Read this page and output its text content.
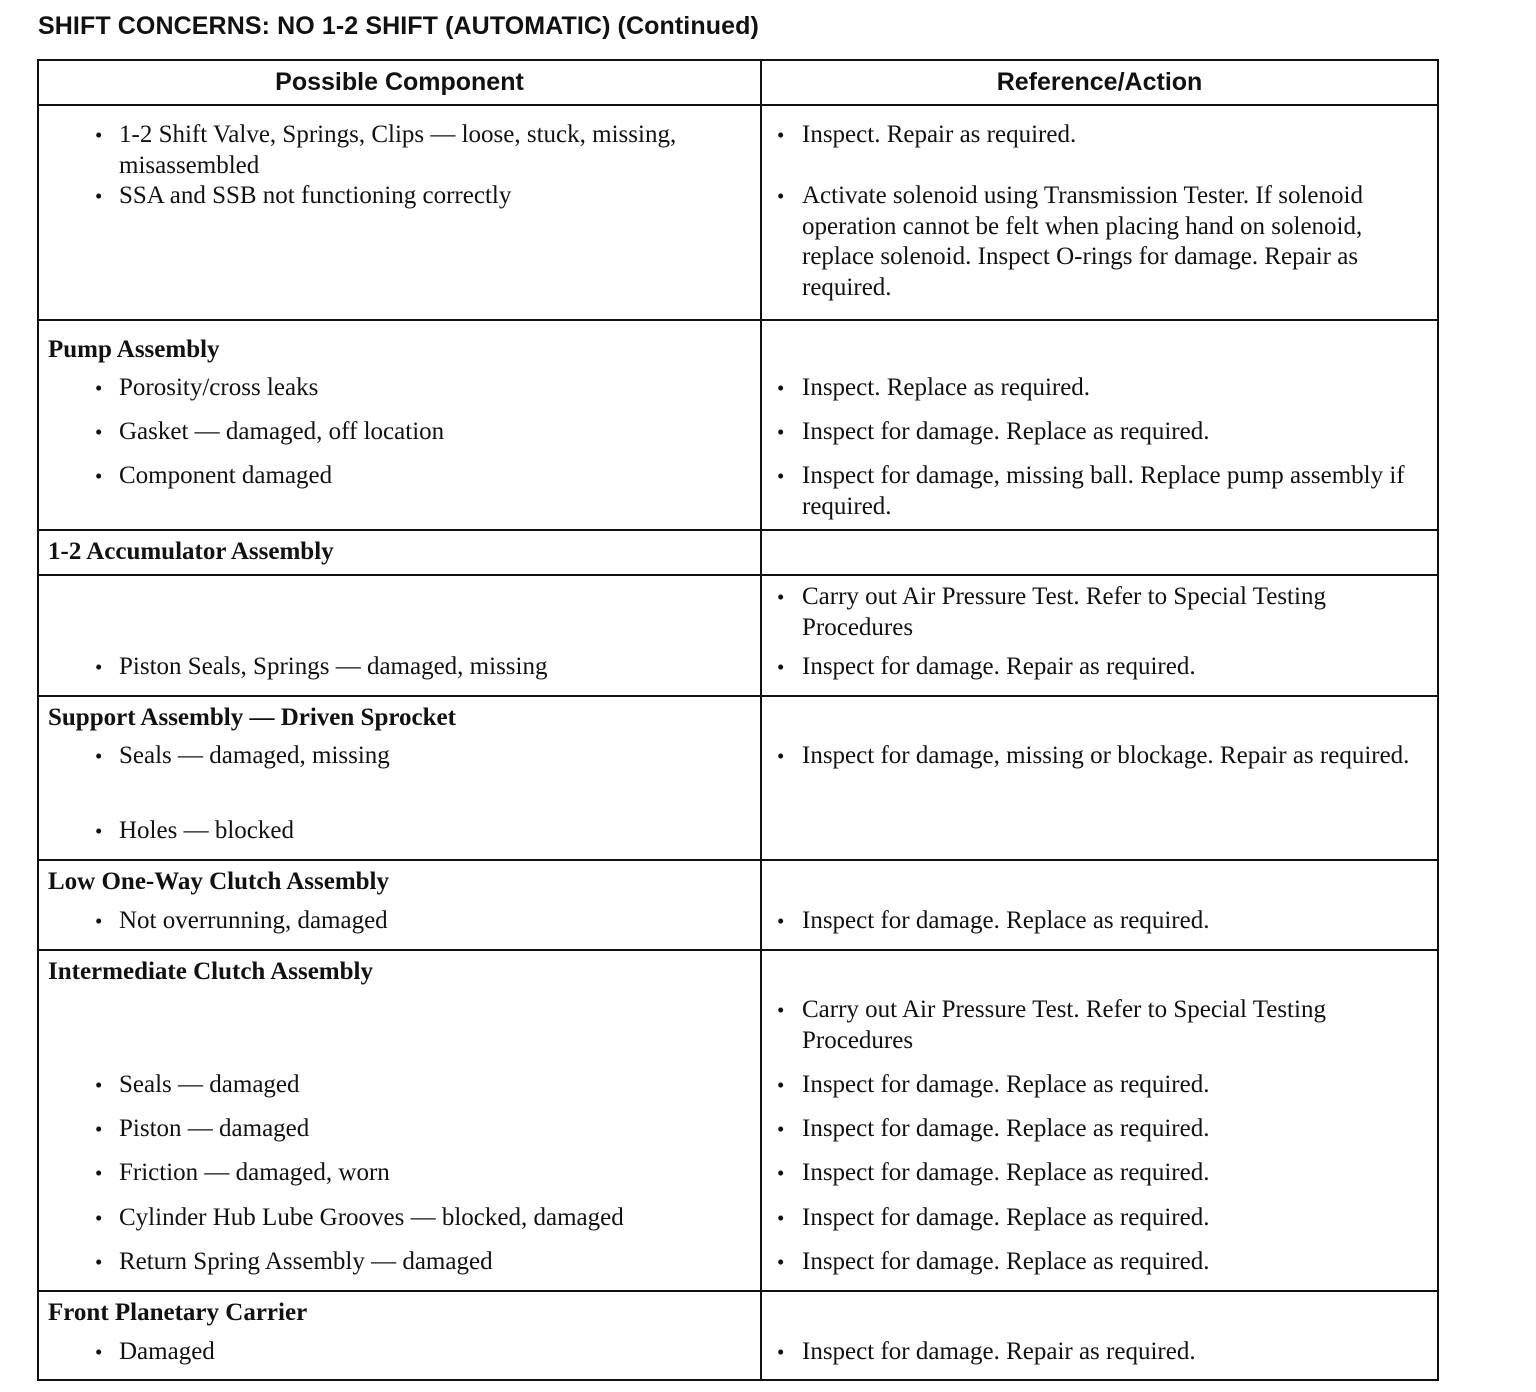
SHIFT CONCERNS: NO 1-2 SHIFT (AUTOMATIC) (Continued)
Possible Component	Reference/Action

• 1-2 Shift Valve, Springs, Clips — loose, stuck, missing, misassembled	• Inspect. Repair as required.

• SSA and SSB not functioning correctly	• Activate solenoid using Transmission Tester. If solenoid operation cannot be felt when placing hand on solenoid, replace solenoid. Inspect O-rings for damage. Repair as required.

Pump Assembly	

• Porosity/cross leaks	• Inspect. Replace as required.

• Gasket — damaged, off location	• Inspect for damage. Replace as required.

• Component damaged	• Inspect for damage, missing ball. Replace pump assembly if required.

1-2 Accumulator Assembly	

	• Carry out Air Pressure Test. Refer to Special Testing Procedures

• Piston Seals, Springs — damaged, missing	• Inspect for damage. Repair as required.

Support Assembly — Driven Sprocket	

• Seals — damaged, missing	• Inspect for damage, missing or blockage. Repair as required.

• Holes — blocked	

Low One-Way Clutch Assembly	

• Not overrunning, damaged	• Inspect for damage. Replace as required.

Intermediate Clutch Assembly	

	• Carry out Air Pressure Test. Refer to Special Testing Procedures

• Seals — damaged	• Inspect for damage. Replace as required.

• Piston — damaged	• Inspect for damage. Replace as required.

• Friction — damaged, worn	• Inspect for damage. Replace as required.

• Cylinder Hub Lube Grooves — blocked, damaged	• Inspect for damage. Replace as required.

• Return Spring Assembly — damaged	• Inspect for damage. Replace as required.

Front Planetary Carrier	

• Damaged	• Inspect for damage. Repair as required.
